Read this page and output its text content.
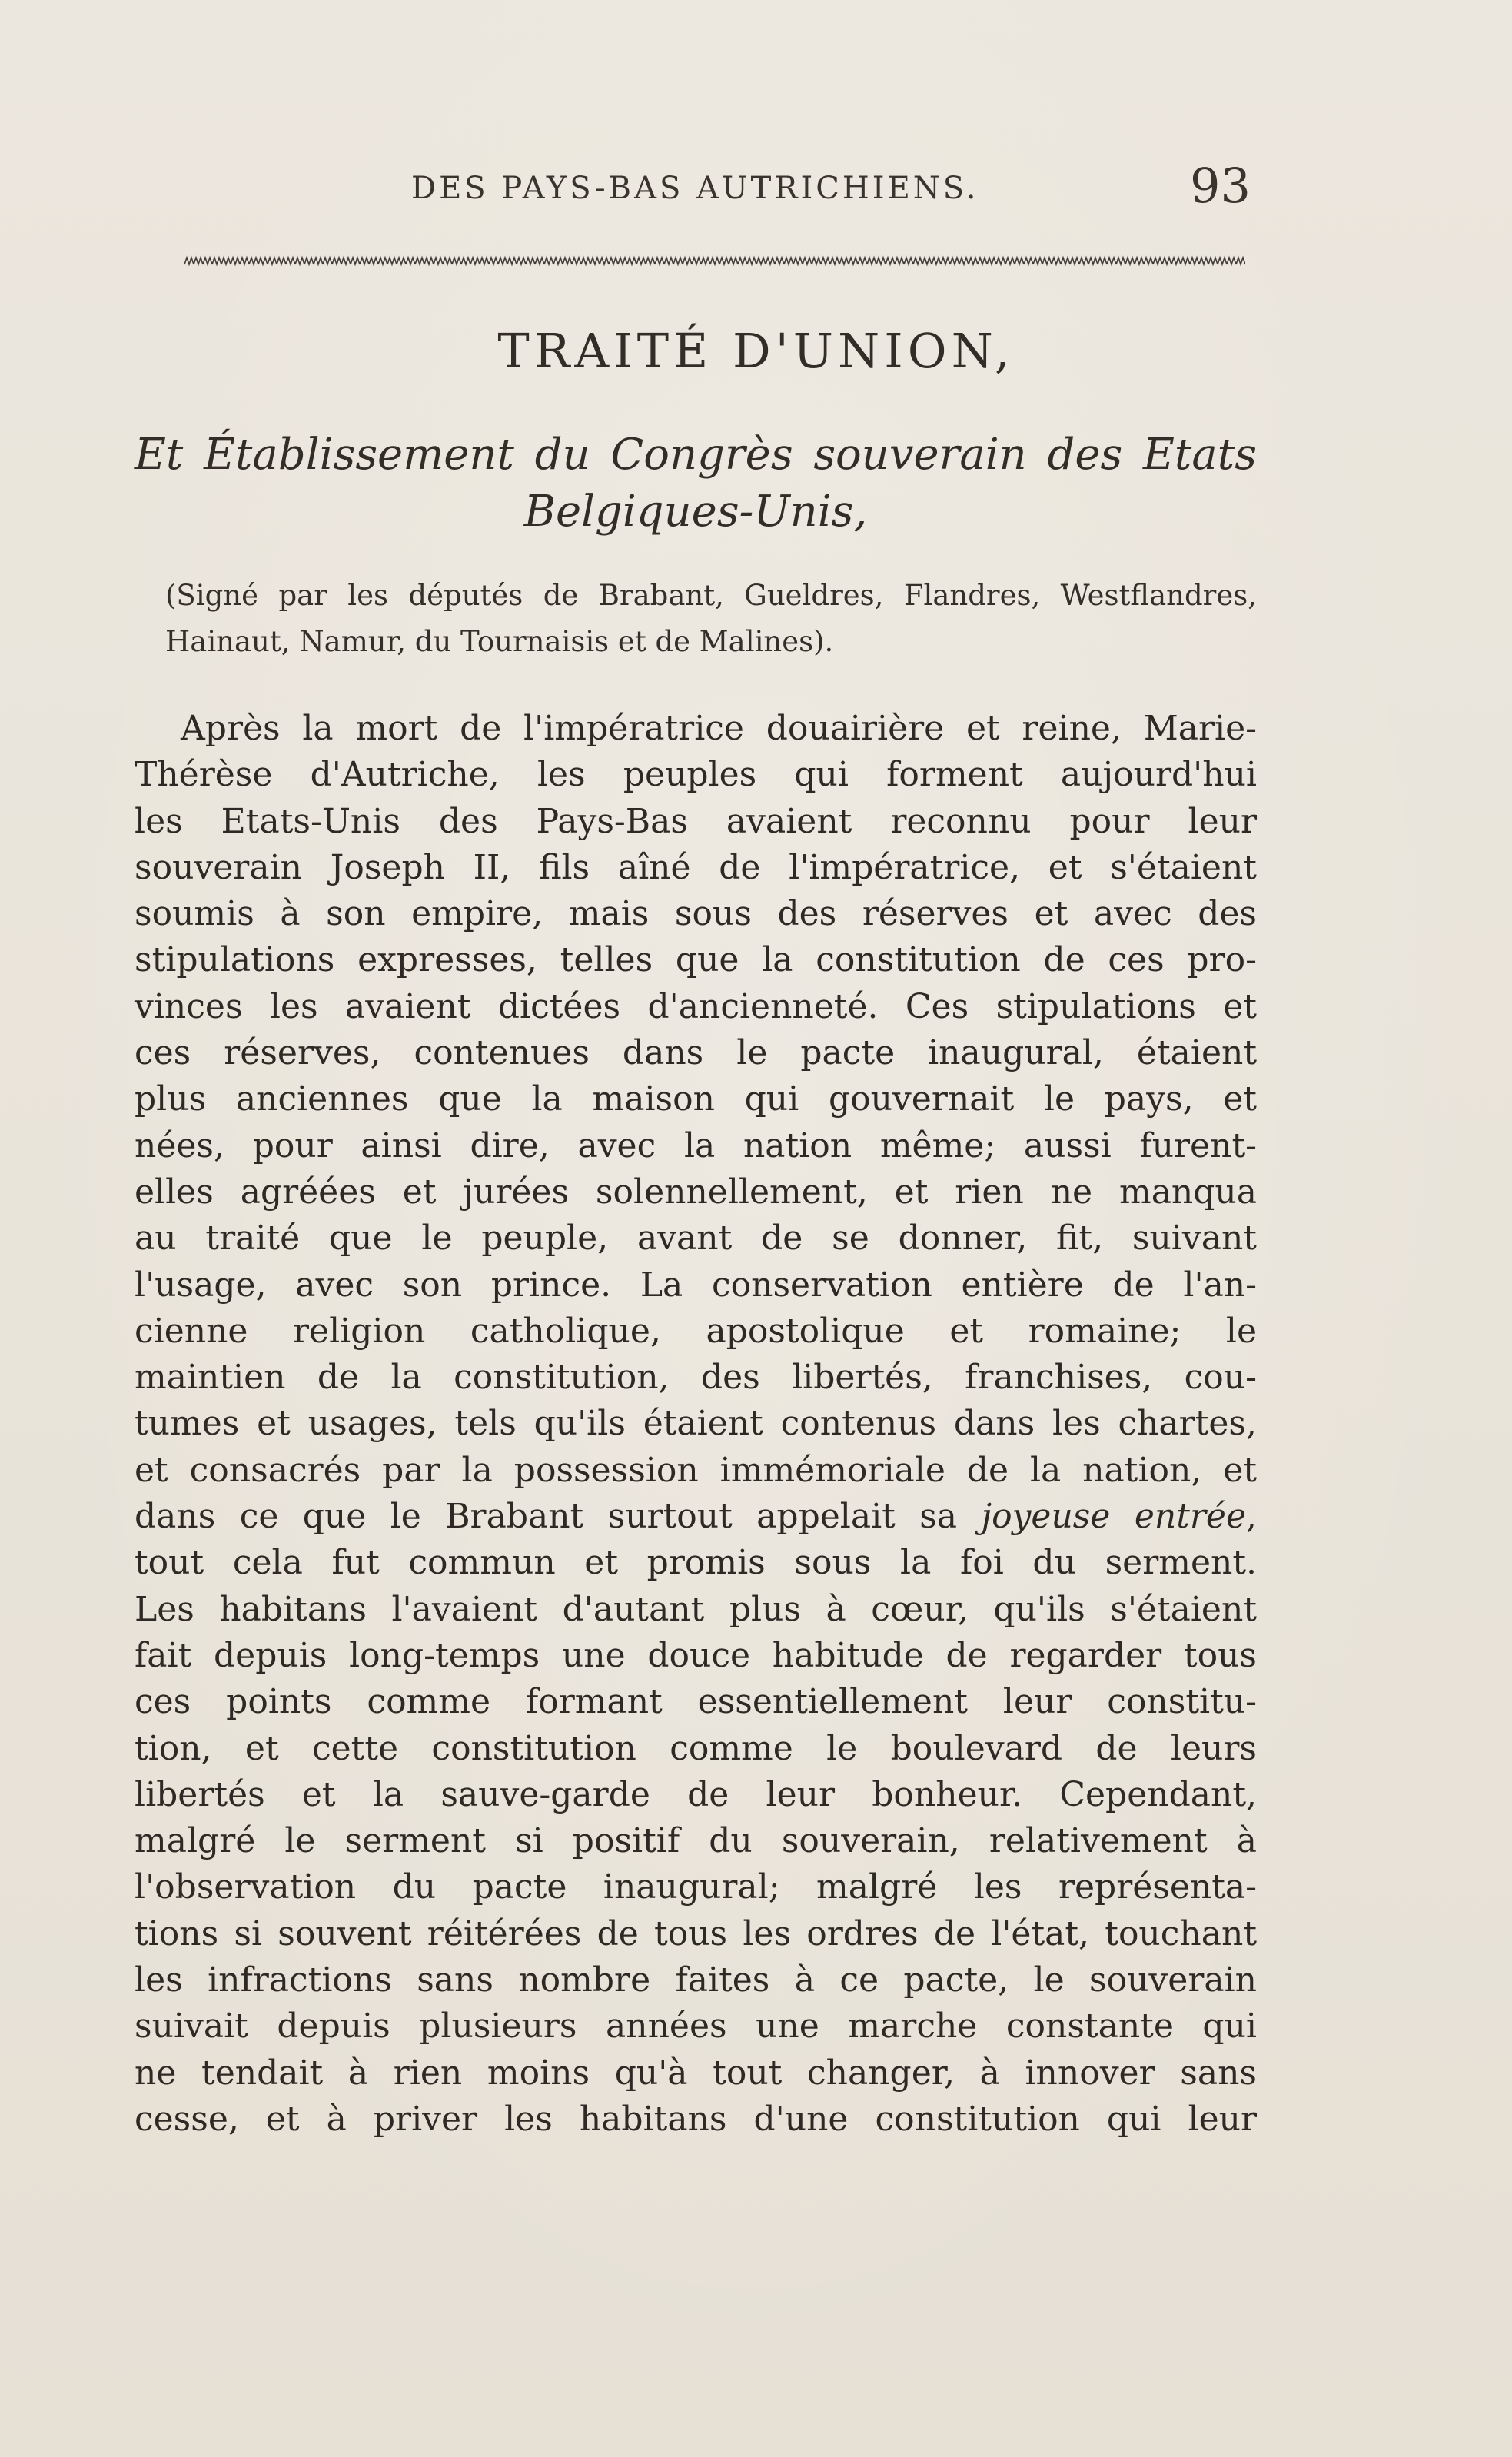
DES PAYS-BAS AUTRICHIENS.	93
TRAITÉ D'UNION,
Et Établissement du Congrès souverain des Etats
Belgiques-Unis,
(Signé par les députés de Brabant, Gueldres, Flandres, Westflandres,
Hainaut, Namur, du Tournaisis et de Malines).
Après la mort de l'impératrice douairière et reine, Marie-
Thérèse d'Autriche, les peuples qui forment aujourd'hui
les Etats-Unis des Pays-Bas avaient reconnu pour leur
souverain Joseph II, fils aîné de l'impératrice, et s'étaient
soumis à son empire, mais sous des réserves et avec des
stipulations expresses, telles que la constitution de ces pro-
vinces les avaient dictées d'ancienneté. Ces stipulations et
ces réserves, contenues dans le pacte inaugural, étaient
plus anciennes que la maison qui gouvernait le pays, et
nées, pour ainsi dire, avec la nation même; aussi furent-
elles agréées et jurées solennellement, et rien ne manqua
au traité que le peuple, avant de se donner, fit, suivant
l'usage, avec son prince. La conservation entière de l'an-
cienne religion catholique, apostolique et romaine; le
maintien de la constitution, des libertés, franchises, cou-
tumes et usages, tels qu'ils étaient contenus dans les chartes,
et consacrés par la possession immémoriale de la nation, et
dans ce que le Brabant surtout appelait sa joyeuse entrée,
tout cela fut commun et promis sous la foi du serment.
Les habitans l'avaient d'autant plus à cœur, qu'ils s'étaient
fait depuis long-temps une douce habitude de regarder tous
ces points comme formant essentiellement leur constitu-
tion, et cette constitution comme le boulevard de leurs
libertés et la sauve-garde de leur bonheur. Cependant,
malgré le serment si positif du souverain, relativement à
l'observation du pacte inaugural; malgré les représenta-
tions si souvent réitérées de tous les ordres de l'état, touchant
les infractions sans nombre faites à ce pacte, le souverain
suivait depuis plusieurs années une marche constante qui
ne tendait à rien moins qu'à tout changer, à innover sans
cesse, et à priver les habitans d'une constitution qui leur
